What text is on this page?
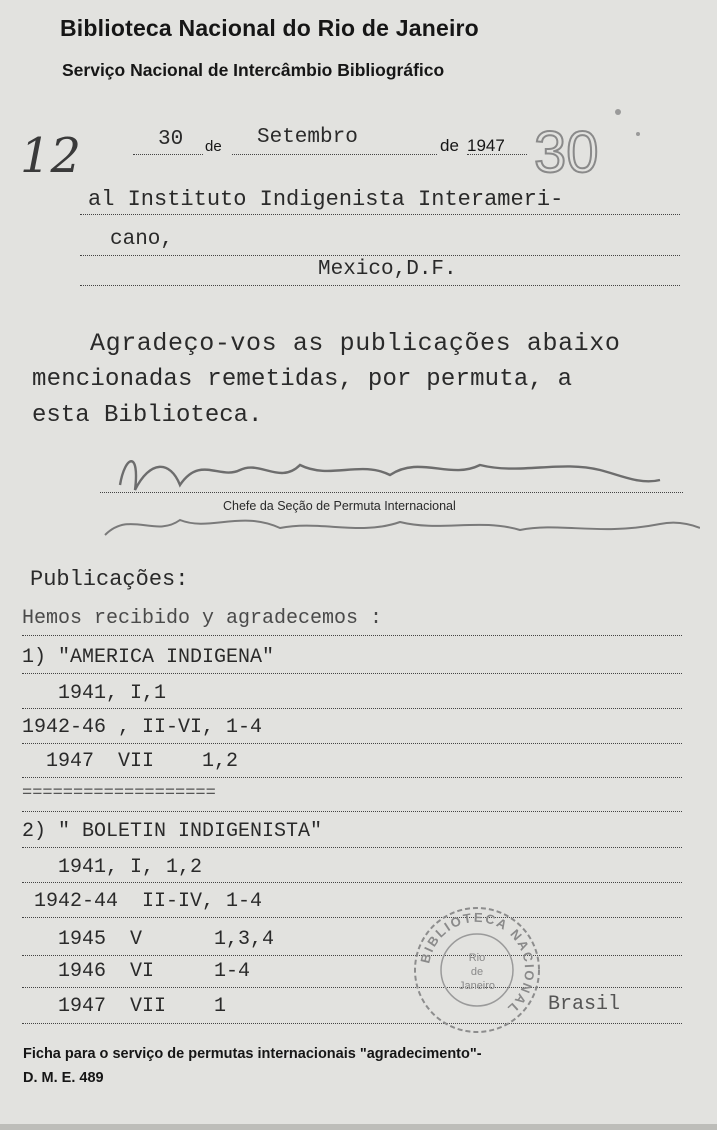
Biblioteca Nacional do Rio de Janeiro
Serviço Nacional de Intercâmbio Bibliográfico
12	30 de Setembro	de 1947 30
al Instituto Indigenista Interameri-
cano,
Mexico,D.F.
Agradeço-vos as publicações abaixo
mencionadas remetidas, por permuta, a
esta Biblioteca.
Chefe da Seção de Permuta Internacional
Publicações:
Hemos recibido y agradecemos :
1) "AMERICA INDIGENA"
1941, I,1
1942-46 , II-VI, 1-4
1947  VII    1,2
===================
2) " BOLETIN INDIGENISTA"
1941, I, 1,2
1942-44  II-IV, 1-4
1945  V      1,3,4
1946  VI     1-4
1947  VII    1	Brasil
BIBLIOTECA NACIONAL
Rio
de
Janeiro
Ficha para o serviço de permutas internacionais "agradecimento"-
D. M. E. 489
